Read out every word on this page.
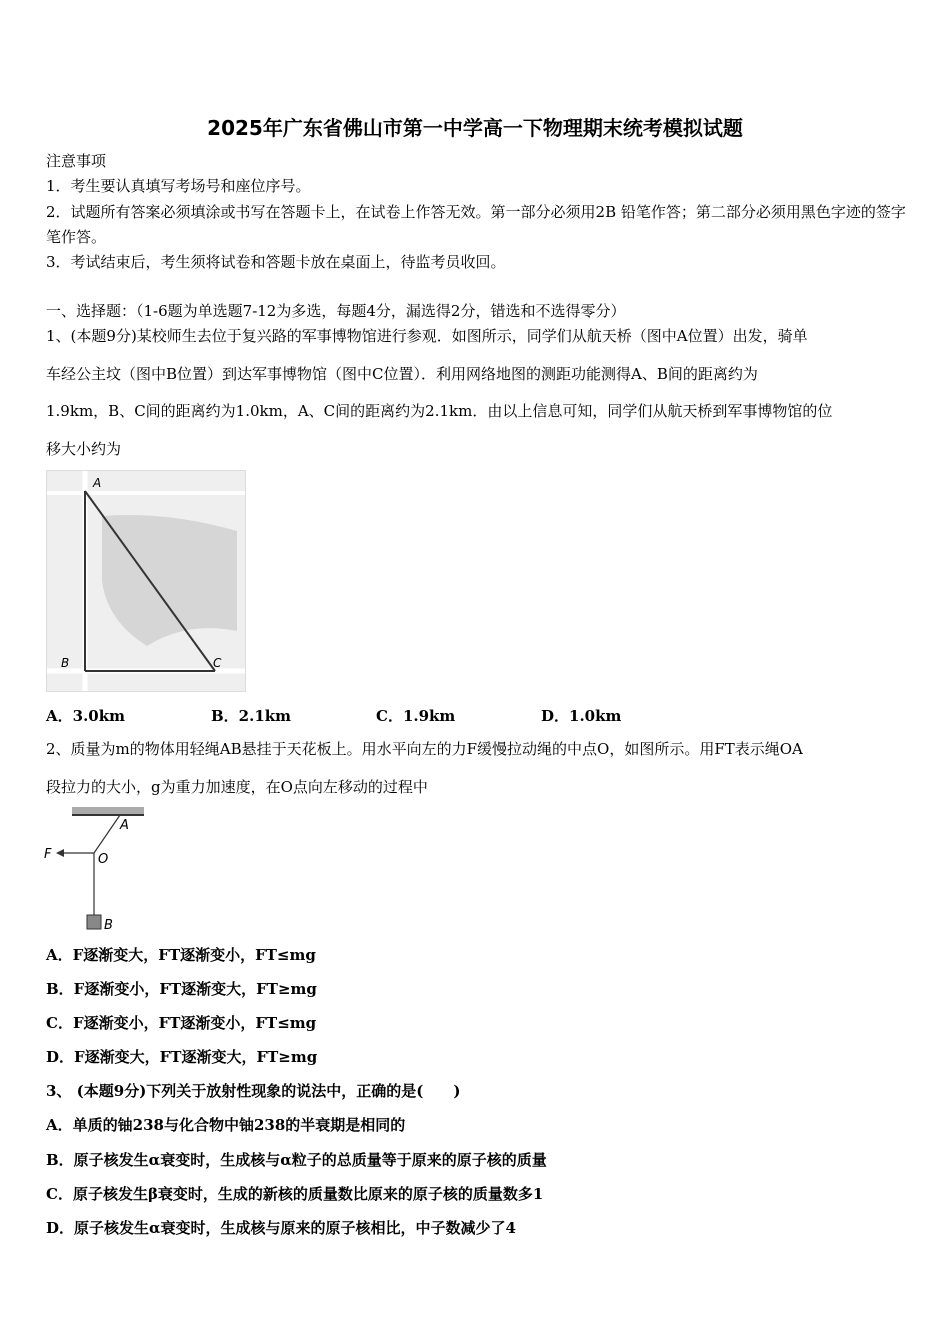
2025年广东省佛山市第一中学高一下物理期末统考模拟试题
注意事项
1．考生要认真填写考场号和座位序号。
2．试题所有答案必须填涂或书写在答题卡上，在试卷上作答无效。第一部分必须用2B 铅笔作答；第二部分必须用黑色字迹的签字笔作答。
3．考试结束后，考生须将试卷和答题卡放在桌面上，待监考员收回。
一、选择题：（1-6题为单选题7-12为多选，每题4分，漏选得2分，错选和不选得零分）
1、(本题9分)某校师生去位于复兴路的军事博物馆进行参观．如图所示，同学们从航天桥（图中A位置）出发，骑单
车经公主坟（图中B位置）到达军事博物馆（图中C位置）．利用网络地图的测距功能测得A、B间的距离约为
1.9km，B、C间的距离约为1.0km，A、C间的距离约为2.1km．由以上信息可知，同学们从航天桥到军事博物馆的位
移大小约为
A
B	C
A．3.0km	B．2.1km	C．1.9km	D．1.0km
2、质量为m的物体用轻绳AB悬挂于天花板上。用水平向左的力F缓慢拉动绳的中点O，如图所示。用FT表示绳OA
段拉力的大小，g为重力加速度，在O点向左移动的过程中
A
F	O
B
A．F逐渐变大，FT逐渐变小，FT≤mg
B．F逐渐变小，FT逐渐变大，FT≥mg
C．F逐渐变小，FT逐渐变小，FT≤mg
D．F逐渐变大，FT逐渐变大，FT≥mg
3、 (本题9分)下列关于放射性现象的说法中，正确的是(　　)
A．单质的铀238与化合物中铀238的半衰期是相同的
B．原子核发生α衰变时，生成核与α粒子的总质量等于原来的原子核的质量
C．原子核发生β衰变时，生成的新核的质量数比原来的原子核的质量数多1
D．原子核发生α衰变时，生成核与原来的原子核相比，中子数减少了4
